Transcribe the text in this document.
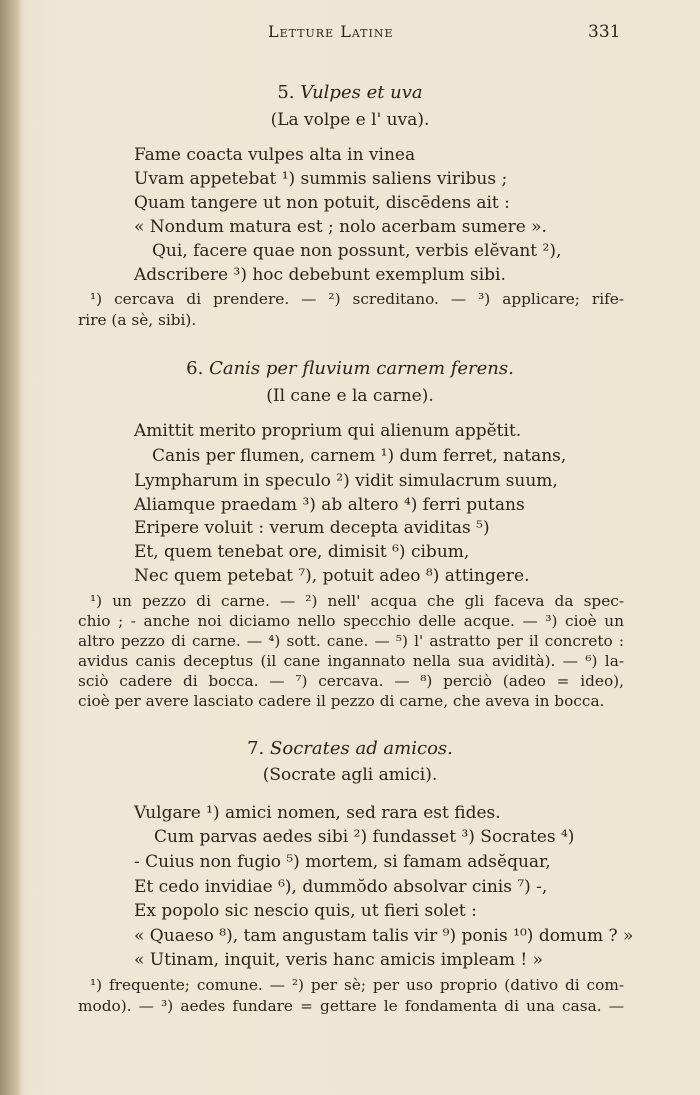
Letture Latine	331
5. Vulpes et uva
(La volpe e l' uva).
Fame coacta vulpes alta in vinea
Uvam appetebat ¹) summis saliens viribus ;
Quam tangere ut non potuit, discēdens ait :
« Nondum matura est ; nolo acerbam sumere ».
Qui, facere quae non possunt, verbis elĕvant ²),
Adscribere ³) hoc debebunt exemplum sibi.
¹) cercava di prendere. — ²) screditano. — ³) applicare; rife-
rire (a sè, sibi).
6. Canis per fluvium carnem ferens.
(Il cane e la carne).
Amittit merito proprium qui alienum appĕtit.
Canis per flumen, carnem ¹) dum ferret, natans,
Lympharum in speculo ²) vidit simulacrum suum,
Aliamque praedam ³) ab altero ⁴) ferri putans
Eripere voluit : verum decepta aviditas ⁵)
Et, quem tenebat ore, dimisit ⁶) cibum,
Nec quem petebat ⁷), potuit adeo ⁸) attingere.
¹) un pezzo di carne. — ²) nell' acqua che gli faceva da spec-
chio ; - anche noi diciamo nello specchio delle acque. — ³) cioè un
altro pezzo di carne. — ⁴) sott. cane. — ⁵) l' astratto per il concreto :
avidus canis deceptus (il cane ingannato nella sua avidità). — ⁶) la-
sciò cadere di bocca. — ⁷) cercava. — ⁸) perciò (adeo = ideo),
cioè per avere lasciato cadere il pezzo di carne, che aveva in bocca.
7. Socrates ad amicos.
(Socrate agli amici).
Vulgare ¹) amici nomen, sed rara est fides.
Cum parvas aedes sibi ²) fundasset ³) Socrates ⁴)
- Cuius non fugio ⁵) mortem, si famam adsĕquar,
Et cedo invidiae ⁶), dummŏdo absolvar cinis ⁷) -,
Ex popolo sic nescio quis, ut fieri solet :
« Quaeso ⁸), tam angustam talis vir ⁹) ponis ¹⁰) domum ? »
« Utinam, inquit, veris hanc amicis impleam ! »
¹) frequente; comune. — ²) per sè; per uso proprio (dativo di com-
modo). — ³) aedes fundare = gettare le fondamenta di una casa. —
